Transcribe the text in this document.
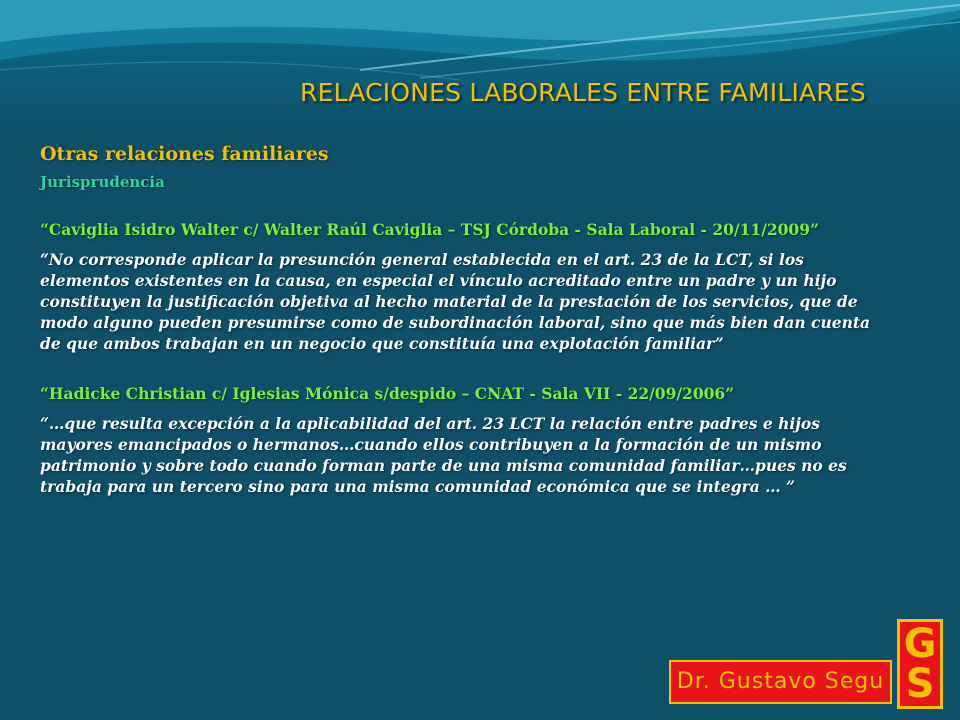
RELACIONES LABORALES ENTRE FAMILIARES

Otras relaciones familiares

Jurisprudencia

“Caviglia Isidro Walter c/ Walter Raúl Caviglia – TSJ Córdoba - Sala Laboral - 20/11/2009”
“No corresponde aplicar la presunción general establecida en el art. 23 de la LCT, si los elementos existentes en la causa, en especial el vínculo acreditado entre un padre y un hijo constituyen la justificación objetiva al hecho material de la prestación de los servicios, que de modo alguno pueden presumirse como de subordinación laboral, sino que más bien dan cuenta de que ambos trabajan en un negocio que constituía una explotación familiar”
“Hadicke Christian c/ Iglesias Mónica s/despido – CNAT - Sala VII - 22/09/2006”
“…que resulta excepción a la aplicabilidad del art. 23 LCT la relación entre padres e hijos mayores emancipados o hermanos…cuando ellos contribuyen a la formación de un mismo patrimonio y sobre todo cuando forman parte de una misma comunidad familiar…pues no es trabaja para un tercero sino para una misma comunidad económica que se integra … ”
Dr. Gustavo Segu
G
S
